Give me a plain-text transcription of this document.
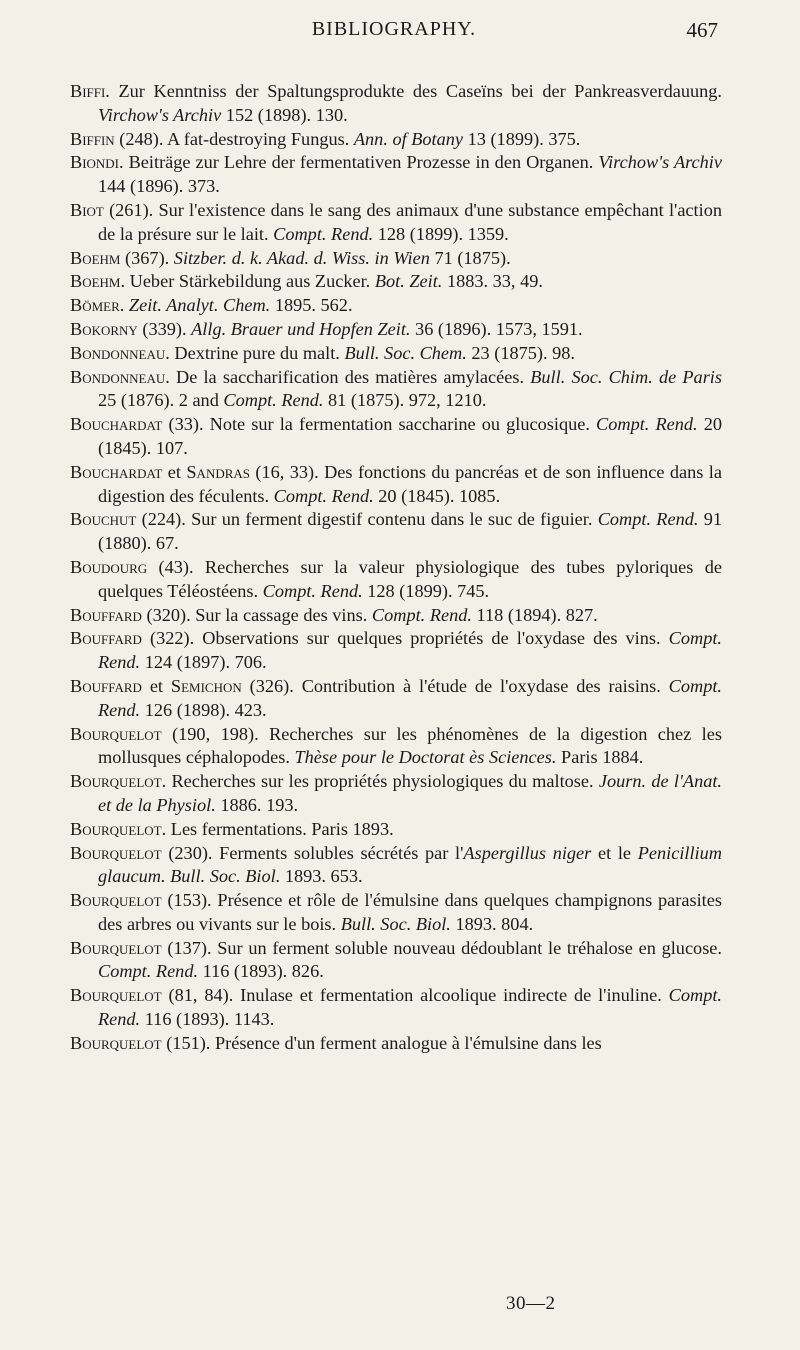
BIBLIOGRAPHY.	467

Biffi. Zur Kenntniss der Spaltungsprodukte des Caseïns bei der Pankreasverdauung. Virchow's Archiv 152 (1898). 130.

Biffin (248). A fat-destroying Fungus. Ann. of Botany 13 (1899). 375.

Biondi. Beiträge zur Lehre der fermentativen Prozesse in den Organen. Virchow's Archiv 144 (1896). 373.

Biot (261). Sur l'existence dans le sang des animaux d'une substance empêchant l'action de la présure sur le lait. Compt. Rend. 128 (1899). 1359.

Boehm (367). Sitzber. d. k. Akad. d. Wiss. in Wien 71 (1875).

Boehm. Ueber Stärkebildung aus Zucker. Bot. Zeit. 1883. 33, 49.

Bömer. Zeit. Analyt. Chem. 1895. 562.

Bokorny (339). Allg. Brauer und Hopfen Zeit. 36 (1896). 1573, 1591.

Bondonneau. Dextrine pure du malt. Bull. Soc. Chem. 23 (1875). 98.

Bondonneau. De la saccharification des matières amylacées. Bull. Soc. Chim. de Paris 25 (1876). 2 and Compt. Rend. 81 (1875). 972, 1210.

Bouchardat (33). Note sur la fermentation saccharine ou glucosique. Compt. Rend. 20 (1845). 107.

Bouchardat et Sandras (16, 33). Des fonctions du pancréas et de son influence dans la digestion des féculents. Compt. Rend. 20 (1845). 1085.

Bouchut (224). Sur un ferment digestif contenu dans le suc de figuier. Compt. Rend. 91 (1880). 67.

Boudourg (43). Recherches sur la valeur physiologique des tubes pyloriques de quelques Téléostéens. Compt. Rend. 128 (1899). 745.

Bouffard (320). Sur la cassage des vins. Compt. Rend. 118 (1894). 827.

Bouffard (322). Observations sur quelques propriétés de l'oxydase des vins. Compt. Rend. 124 (1897). 706.

Bouffard et Semichon (326). Contribution à l'étude de l'oxydase des raisins. Compt. Rend. 126 (1898). 423.

Bourquelot (190, 198). Recherches sur les phénomènes de la digestion chez les mollusques céphalopodes. Thèse pour le Doctorat ès Sciences. Paris 1884.

Bourquelot. Recherches sur les propriétés physiologiques du maltose. Journ. de l'Anat. et de la Physiol. 1886. 193.

Bourquelot. Les fermentations. Paris 1893.

Bourquelot (230). Ferments solubles sécrétés par l'Aspergillus niger et le Penicillium glaucum. Bull. Soc. Biol. 1893. 653.

Bourquelot (153). Présence et rôle de l'émulsine dans quelques champignons parasites des arbres ou vivants sur le bois. Bull. Soc. Biol. 1893. 804.

Bourquelot (137). Sur un ferment soluble nouveau dédoublant le tréhalose en glucose. Compt. Rend. 116 (1893). 826.

Bourquelot (81, 84). Inulase et fermentation alcoolique indirecte de l'inuline. Compt. Rend. 116 (1893). 1143.

Bourquelot (151). Présence d'un ferment analogue à l'émulsine dans les

30—2
